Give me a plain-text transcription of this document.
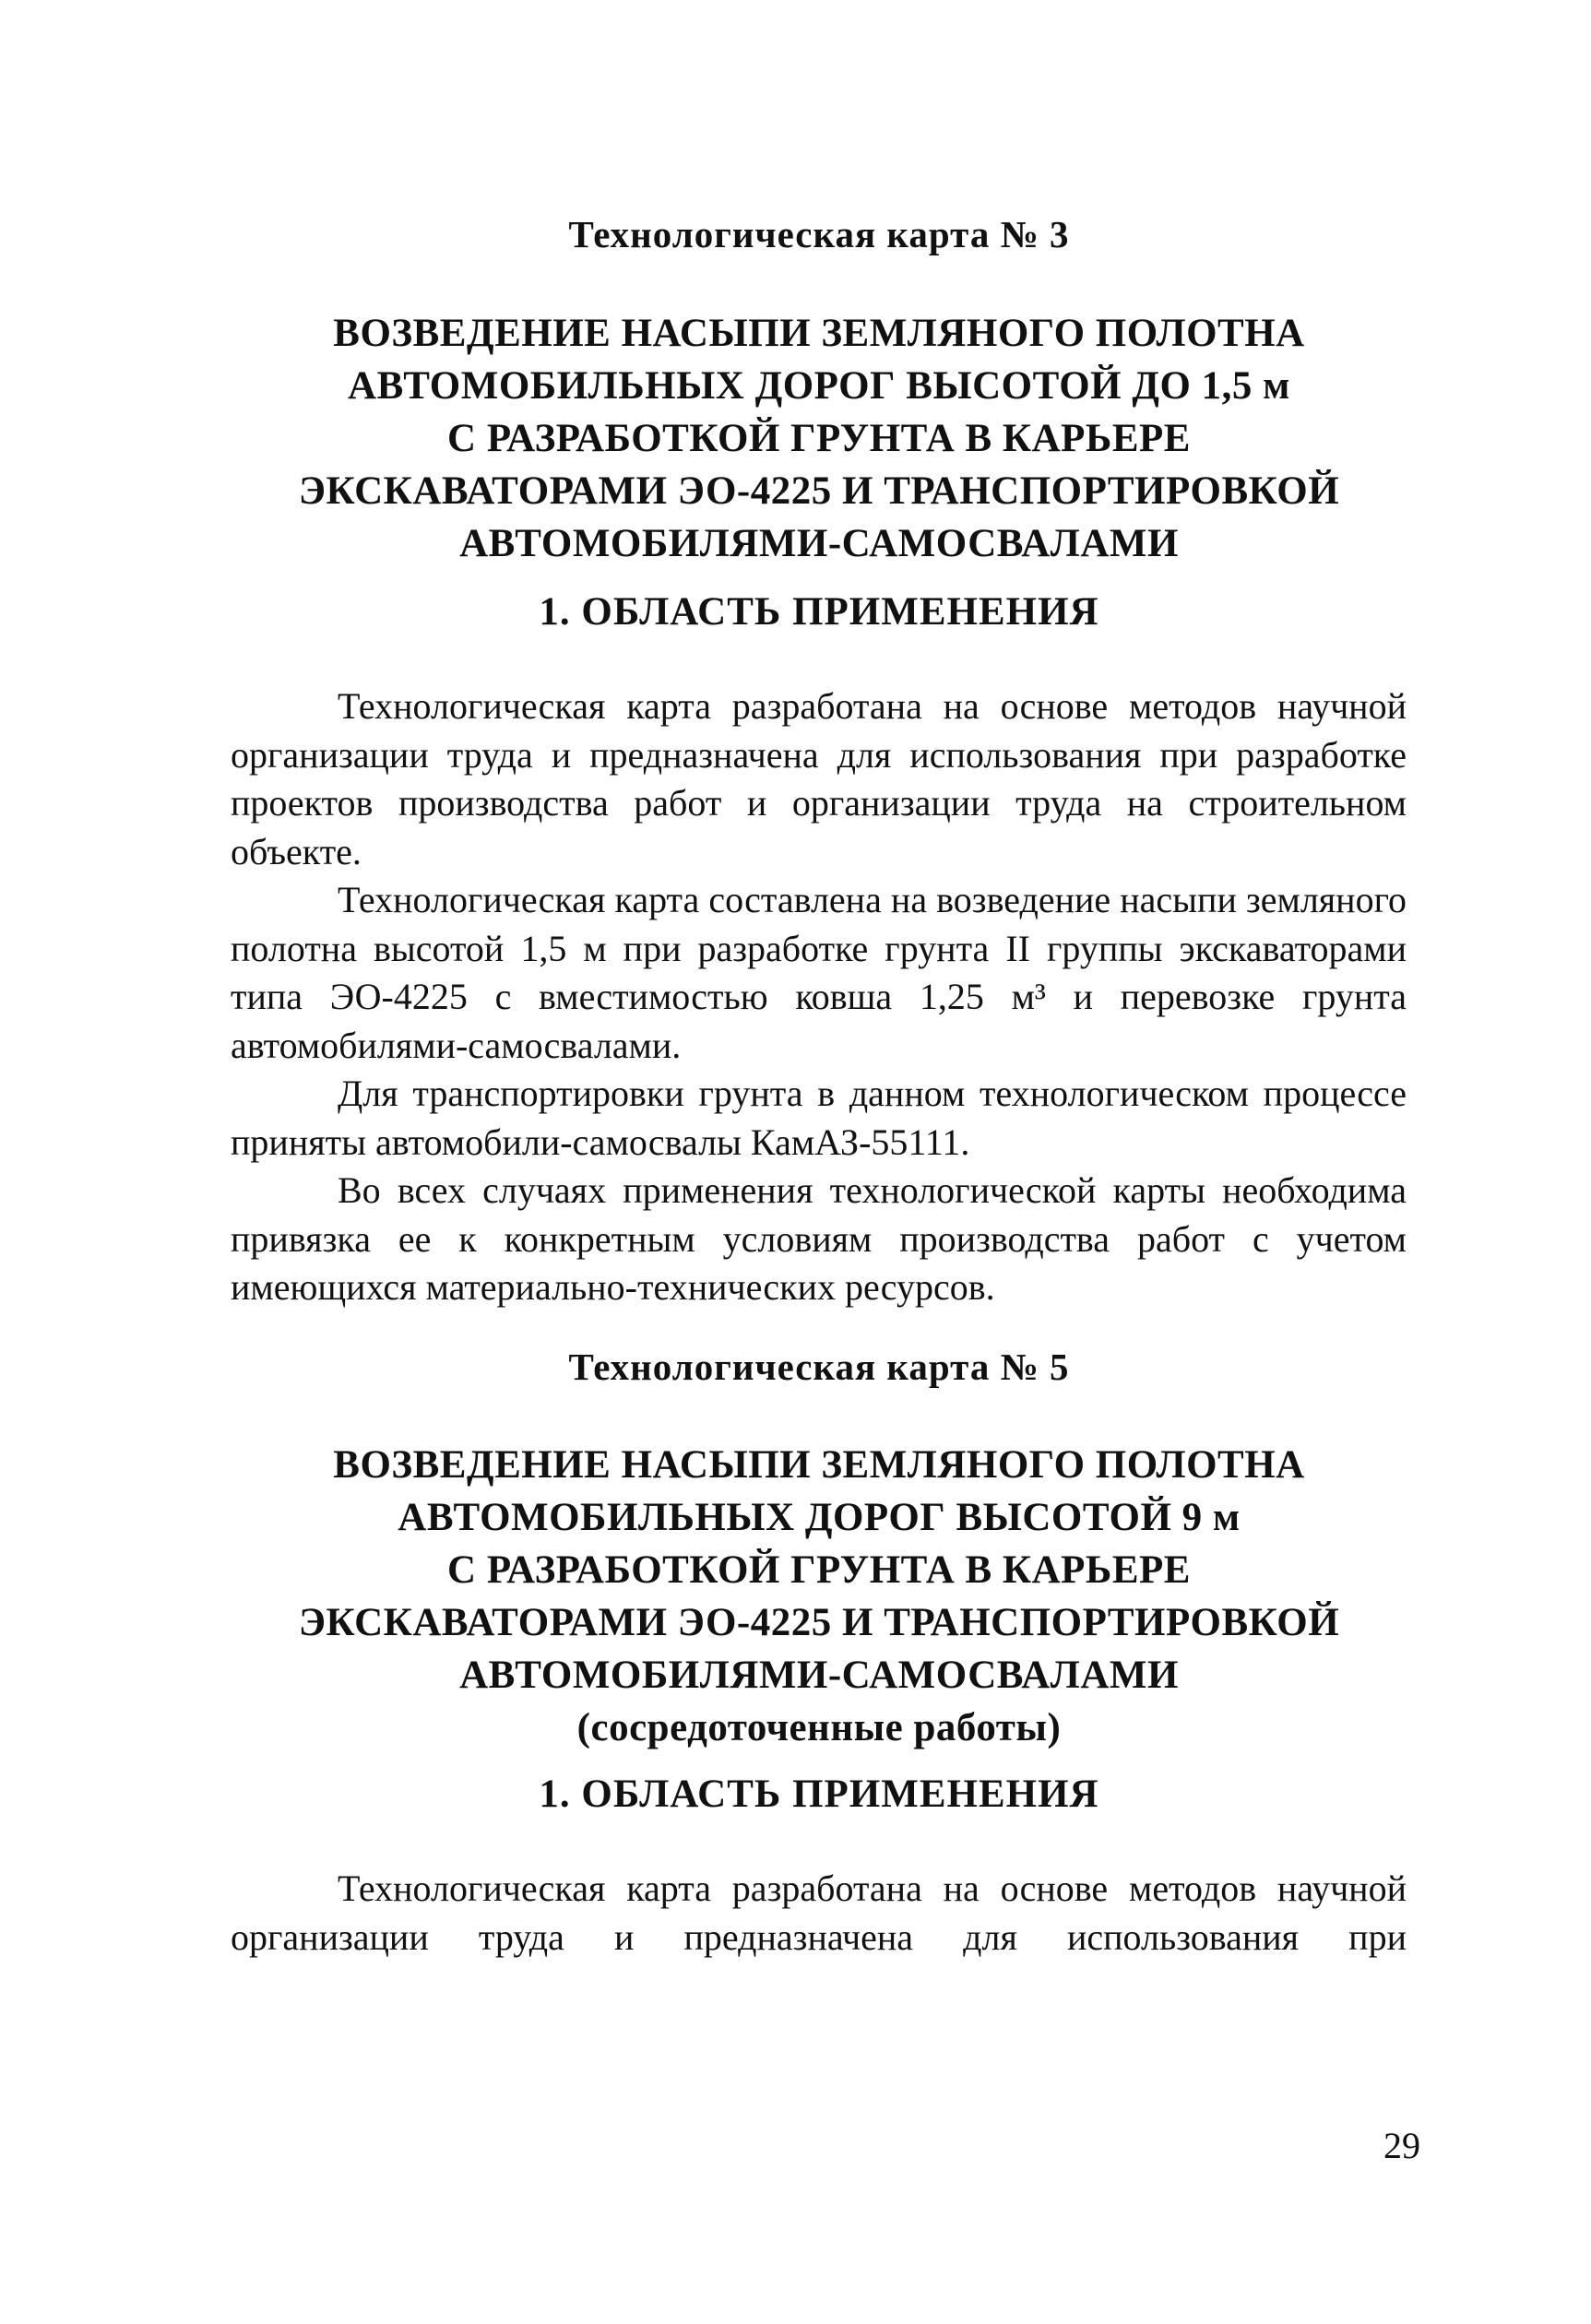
Технологическая карта № 3
ВОЗВЕДЕНИЕ НАСЫПИ ЗЕМЛЯНОГО ПОЛОТНА
АВТОМОБИЛЬНЫХ ДОРОГ ВЫСОТОЙ ДО 1,5 м
С РАЗРАБОТКОЙ ГРУНТА В КАРЬЕРЕ
ЭКСКАВАТОРАМИ ЭО-4225 И ТРАНСПОРТИРОВКОЙ
АВТОМОБИЛЯМИ-САМОСВАЛАМИ
1. ОБЛАСТЬ ПРИМЕНЕНИЯ

Технологическая карта разработана на основе методов научной организации труда и предназначена для использования при разработке проектов производства работ и организации труда на строительном объекте.

Технологическая карта составлена на возведение насыпи земляного полотна высотой 1,5 м при разработке грунта II группы экскаваторами типа ЭО-4225 с вместимостью ковша 1,25 м³ и перевозке грунта автомобилями-самосвалами.

Для транспортировки грунта в данном технологическом процессе приняты автомобили-самосвалы КамАЗ-55111.

Во всех случаях применения технологической карты необходима привязка ее к конкретным условиям производства работ с учетом имеющихся материально-технических ресурсов.

Технологическая карта № 5
ВОЗВЕДЕНИЕ НАСЫПИ ЗЕМЛЯНОГО ПОЛОТНА
АВТОМОБИЛЬНЫХ ДОРОГ ВЫСОТОЙ 9 м
С РАЗРАБОТКОЙ ГРУНТА В КАРЬЕРЕ
ЭКСКАВАТОРАМИ ЭО-4225 И ТРАНСПОРТИРОВКОЙ
АВТОМОБИЛЯМИ-САМОСВАЛАМИ
(сосредоточенные работы)
1. ОБЛАСТЬ ПРИМЕНЕНИЯ

Технологическая карта разработана на основе методов научной организации труда и предназначена для использования при

29
